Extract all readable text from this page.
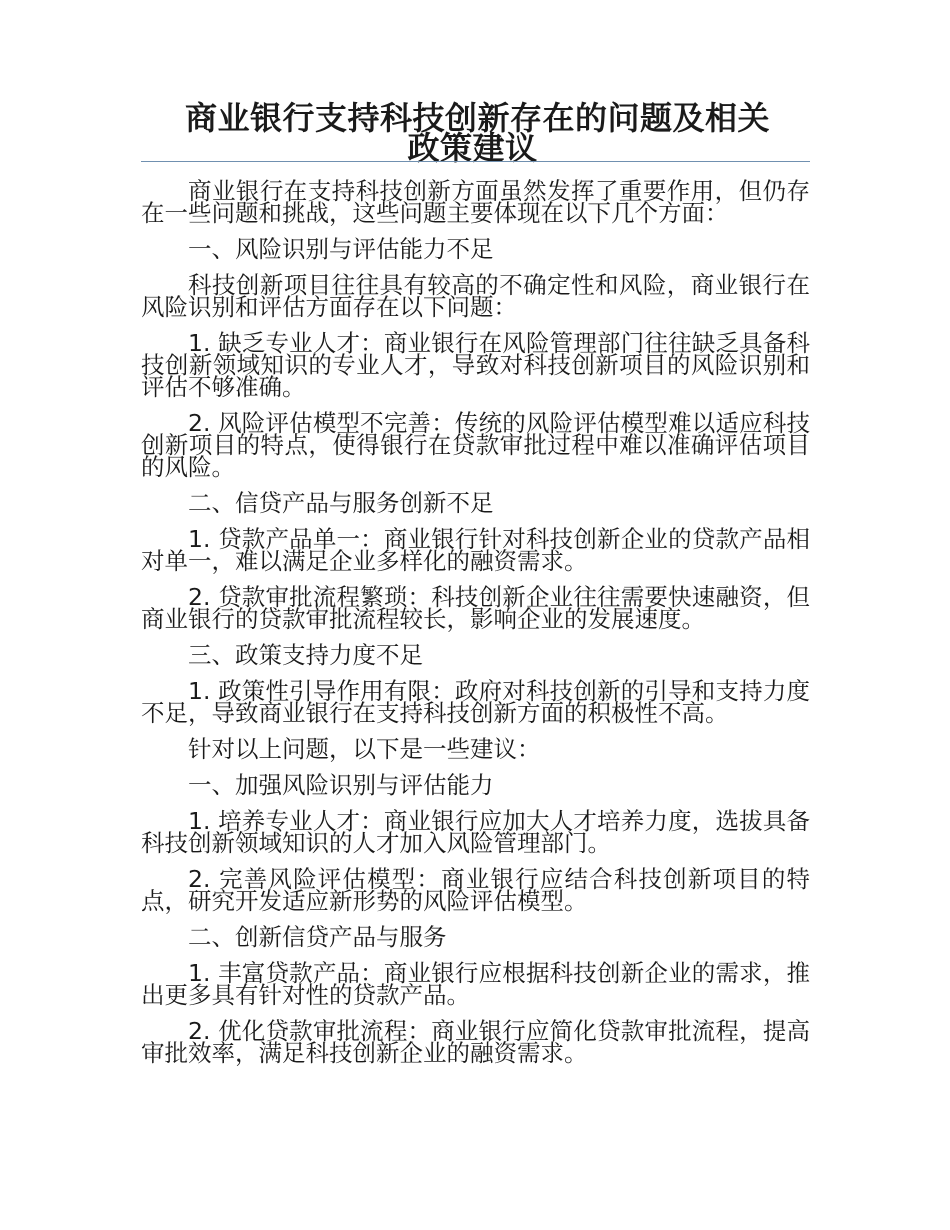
商业银行支持科技创新存在的问题及相关
政策建议

商业银行在支持科技创新方面虽然发挥了重要作用，但仍存在一些问题和挑战，这些问题主要体现在以下几个方面：

一、风险识别与评估能力不足

科技创新项目往往具有较高的不确定性和风险，商业银行在风险识别和评估方面存在以下问题：

1. 缺乏专业人才：商业银行在风险管理部门往往缺乏具备科技创新领域知识的专业人才，导致对科技创新项目的风险识别和评估不够准确。

2. 风险评估模型不完善：传统的风险评估模型难以适应科技创新项目的特点，使得银行在贷款审批过程中难以准确评估项目的风险。

二、信贷产品与服务创新不足

1. 贷款产品单一：商业银行针对科技创新企业的贷款产品相对单一，难以满足企业多样化的融资需求。

2. 贷款审批流程繁琐：科技创新企业往往需要快速融资，但商业银行的贷款审批流程较长，影响企业的发展速度。

三、政策支持力度不足

1. 政策性引导作用有限：政府对科技创新的引导和支持力度不足，导致商业银行在支持科技创新方面的积极性不高。

针对以上问题，以下是一些建议：

一、加强风险识别与评估能力

1. 培养专业人才：商业银行应加大人才培养力度，选拔具备科技创新领域知识的人才加入风险管理部门。

2. 完善风险评估模型：商业银行应结合科技创新项目的特点，研究开发适应新形势的风险评估模型。

二、创新信贷产品与服务

1. 丰富贷款产品：商业银行应根据科技创新企业的需求，推出更多具有针对性的贷款产品。

2. 优化贷款审批流程：商业银行应简化贷款审批流程，提高审批效率，满足科技创新企业的融资需求。
